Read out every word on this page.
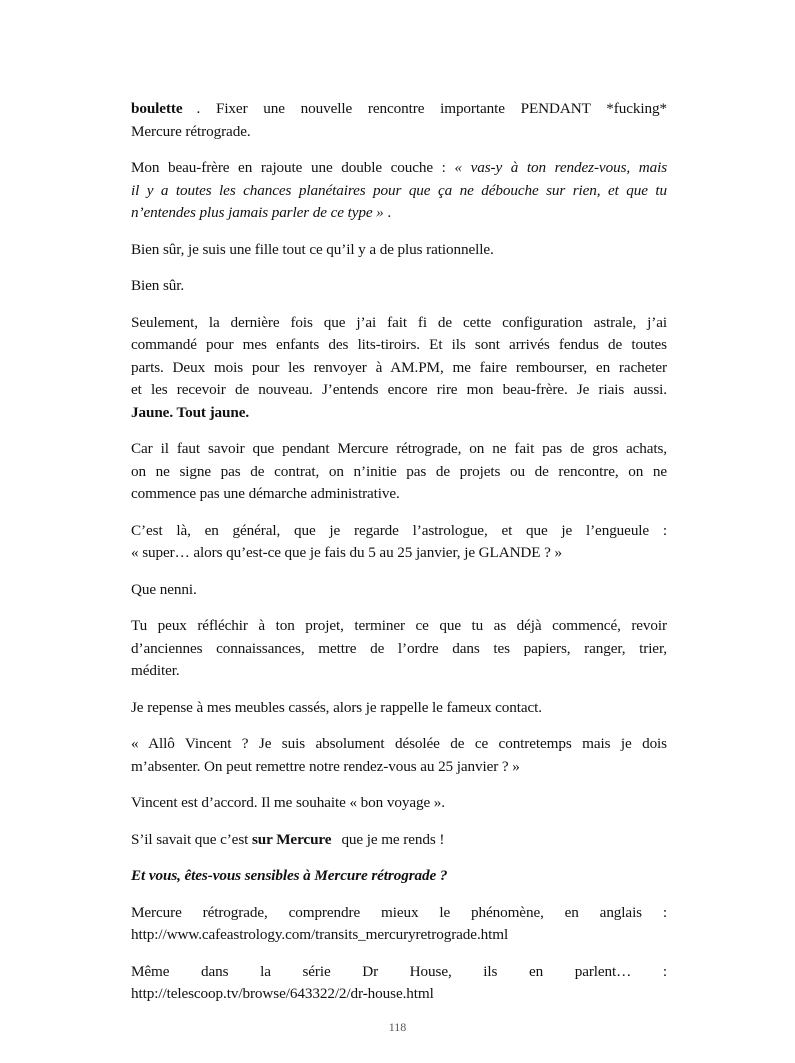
boulette . Fixer une nouvelle rencontre importante PENDANT *fucking*
Mercure rétrograde.

Mon beau-frère en rajoute une double couche : « vas-y à ton rendez-vous, mais
il y a toutes les chances planétaires pour que ça ne débouche sur rien, et que tu
n’entendes plus jamais parler de ce type » .

Bien sûr, je suis une fille tout ce qu’il y a de plus rationnelle.

Bien sûr.

Seulement, la dernière fois que j’ai fait fi de cette configuration astrale, j’ai
commandé pour mes enfants des lits-tiroirs. Et ils sont arrivés fendus de toutes
parts. Deux mois pour les renvoyer à AM.PM, me faire rembourser, en racheter
et les recevoir de nouveau. J’entends encore rire mon beau-frère. Je riais aussi.
Jaune. Tout jaune.

Car il faut savoir que pendant Mercure rétrograde, on ne fait pas de gros achats,
on ne signe pas de contrat, on n’initie pas de projets ou de rencontre, on ne
commence pas une démarche administrative.

C’est là, en général, que je regarde l’astrologue, et que je l’engueule :
« super… alors qu’est-ce que je fais du 5 au 25 janvier, je GLANDE ? »

Que nenni.

Tu peux réfléchir à ton projet, terminer ce que tu as déjà commencé, revoir
d’anciennes connaissances, mettre de l’ordre dans tes papiers, ranger, trier,
méditer.

Je repense à mes meubles cassés, alors je rappelle le fameux contact.

« Allô Vincent ? Je suis absolument désolée de ce contretemps mais je dois
m’absenter. On peut remettre notre rendez-vous au 25 janvier ? »

Vincent est d’accord. Il me souhaite « bon voyage ».

S’il savait que c’est sur Mercure que je me rends !

Et vous, êtes-vous sensibles à Mercure rétrograde ?

Mercure rétrograde, comprendre mieux le phénomène, en anglais :
http://www.cafeastrology.com/transits_mercuryretrograde.html

Même dans la série Dr House, ils en parlent… :
http://telescoop.tv/browse/643322/2/dr-house.html

118
